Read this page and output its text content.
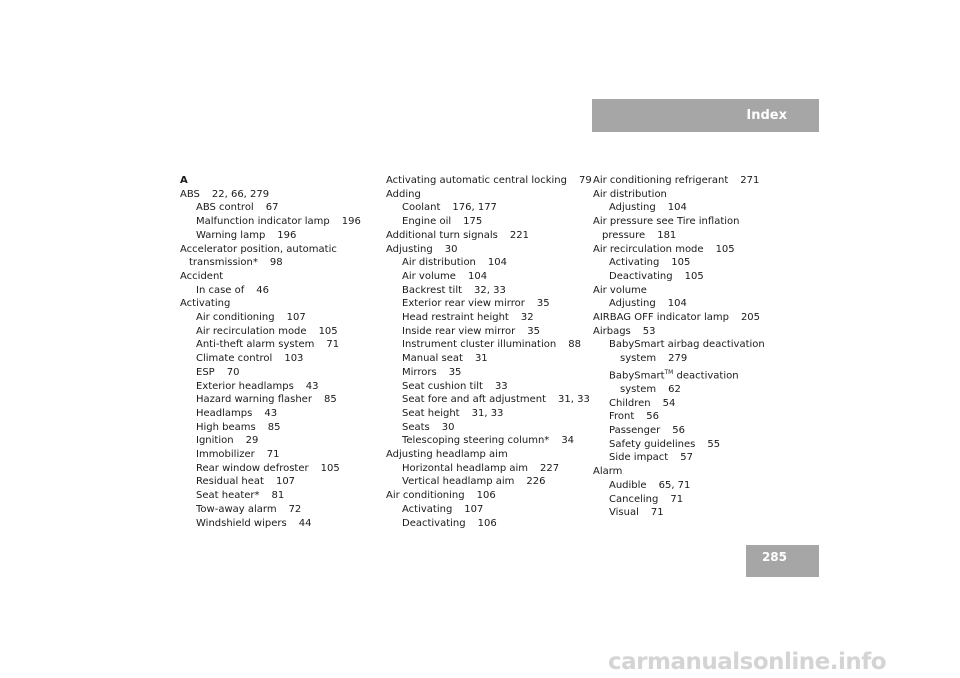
Index
A
ABS 22, 66, 279
ABS control 67
Malfunction indicator lamp 196
Warning lamp 196
Accelerator position, automatic
transmission* 98
Accident
In case of 46
Activating
Air conditioning 107
Air recirculation mode 105
Anti-theft alarm system 71
Climate control 103
ESP 70
Exterior headlamps 43
Hazard warning flasher 85
Headlamps 43
High beams 85
Ignition 29
Immobilizer 71
Rear window defroster 105
Residual heat 107
Seat heater* 81
Tow-away alarm 72
Windshield wipers 44
Activating automatic central locking 79
Adding
Coolant 176, 177
Engine oil 175
Additional turn signals 221
Adjusting 30
Air distribution 104
Air volume 104
Backrest tilt 32, 33
Exterior rear view mirror 35
Head restraint height 32
Inside rear view mirror 35
Instrument cluster illumination 88
Manual seat 31
Mirrors 35
Seat cushion tilt 33
Seat fore and aft adjustment 31, 33
Seat height 31, 33
Seats 30
Telescoping steering column* 34
Adjusting headlamp aim
Horizontal headlamp aim 227
Vertical headlamp aim 226
Air conditioning 106
Activating 107
Deactivating 106
Air conditioning refrigerant 271
Air distribution
Adjusting 104
Air pressure see Tire inflation
pressure 181
Air recirculation mode 105
Activating 105
Deactivating 105
Air volume
Adjusting 104
AIRBAG OFF indicator lamp 205
Airbags 53
BabySmart airbag deactivation
system 279
BabySmart™ deactivation
system 62
Children 54
Front 56
Passenger 56
Safety guidelines 55
Side impact 57
Alarm
Audible 65, 71
Canceling 71
Visual 71
285
carmanualsonline.info
